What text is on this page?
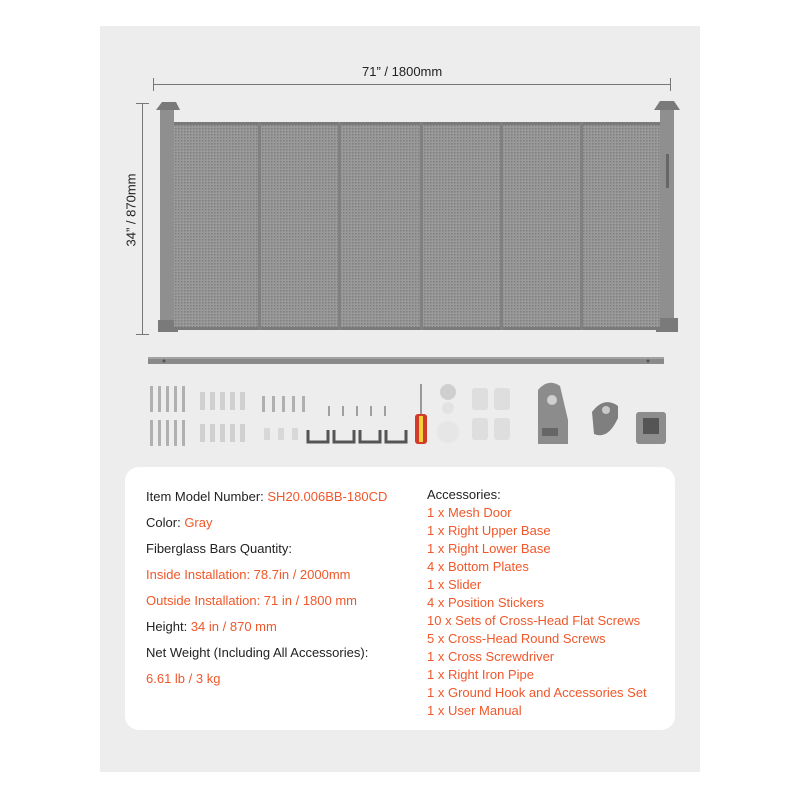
71” / 1800mm
34” / 870mm
Item Model Number: SH20.006BB-180CD
Color: Gray
Fiberglass Bars Quantity:
Inside Installation: 78.7in / 2000mm
Outside Installation: 71 in / 1800 mm
Height: 34 in / 870 mm
Net Weight (Including All Accessories):
6.61 lb / 3 kg
Accessories:
1 x Mesh Door
1 x Right Upper Base
1 x Right Lower Base
4 x Bottom Plates
1 x Slider
4 x Position Stickers
10 x Sets of Cross-Head Flat Screws
5 x Cross-Head Round Screws
1 x Cross Screwdriver
1 x Right Iron Pipe
1 x Ground Hook and Accessories Set
1 x User Manual
